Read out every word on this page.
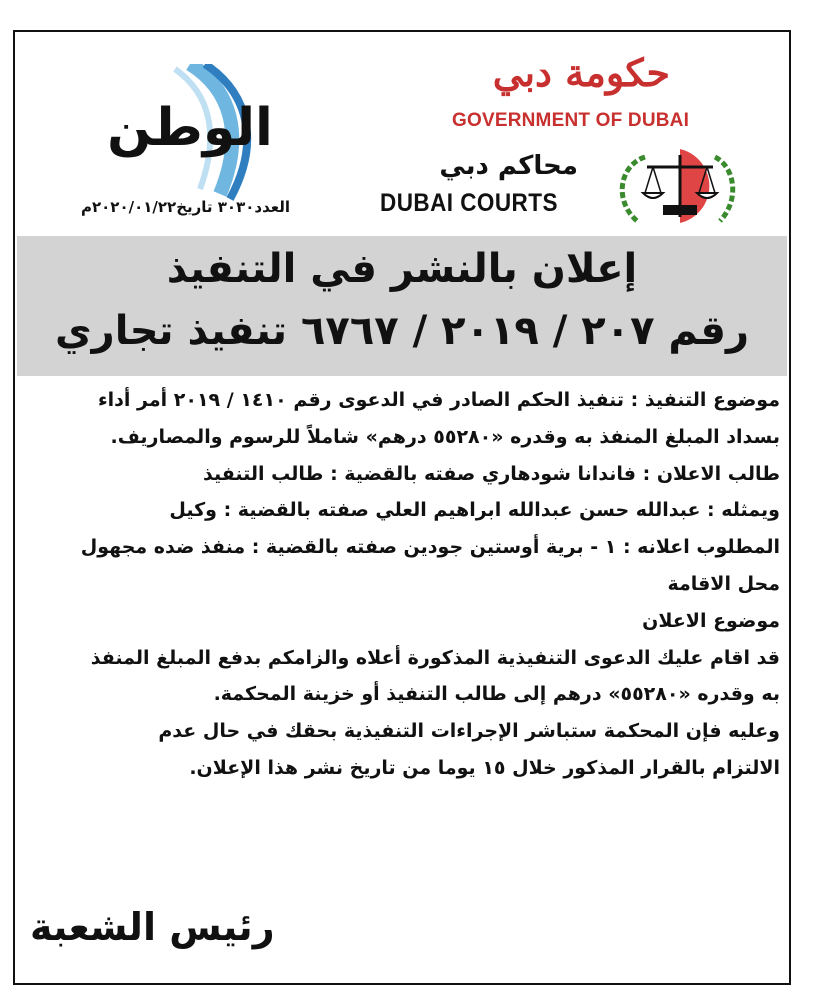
الوطن
العدد٣٠٣٠ تاريخ٢٠٢٠/٠١/٢٢م
حكومة دبي
GOVERNMENT OF DUBAI
محاكم دبي
DUBAI COURTS
إعلان بالنشر في التنفيذ
رقم ٢٠٧ / ٢٠١٩ / ٦٧٦٧ تنفيذ تجاري
موضوع التنفيذ : تنفيذ الحكم الصادر في الدعوى رقم ١٤١٠ / ٢٠١٩ أمر أداء
بسداد المبلغ المنفذ به وقدره «٥٥٢٨٠ درهم» شاملاً للرسوم والمصاريف.
طالب الاعلان : فاندانا شودهاري صفته بالقضية : طالب التنفيذ
ويمثله : عبدالله حسن عبدالله ابراهيم العلي صفته بالقضية : وكيل
المطلوب اعلانه : ١ - برية أوستين جودين صفته بالقضية : منفذ ضده مجهول
محل الاقامة
موضوع الاعلان
قد اقام عليك الدعوى التنفيذية المذكورة أعلاه والزامكم بدفع المبلغ المنفذ
به وقدره «٥٥٢٨٠» درهم إلى طالب التنفيذ أو خزينة المحكمة.
وعليه فإن المحكمة ستباشر الإجراءات التنفيذية بحقك في حال عدم
الالتزام بالقرار المذكور خلال ١٥ يوما من تاريخ نشر هذا الإعلان.
رئيس الشعبة
